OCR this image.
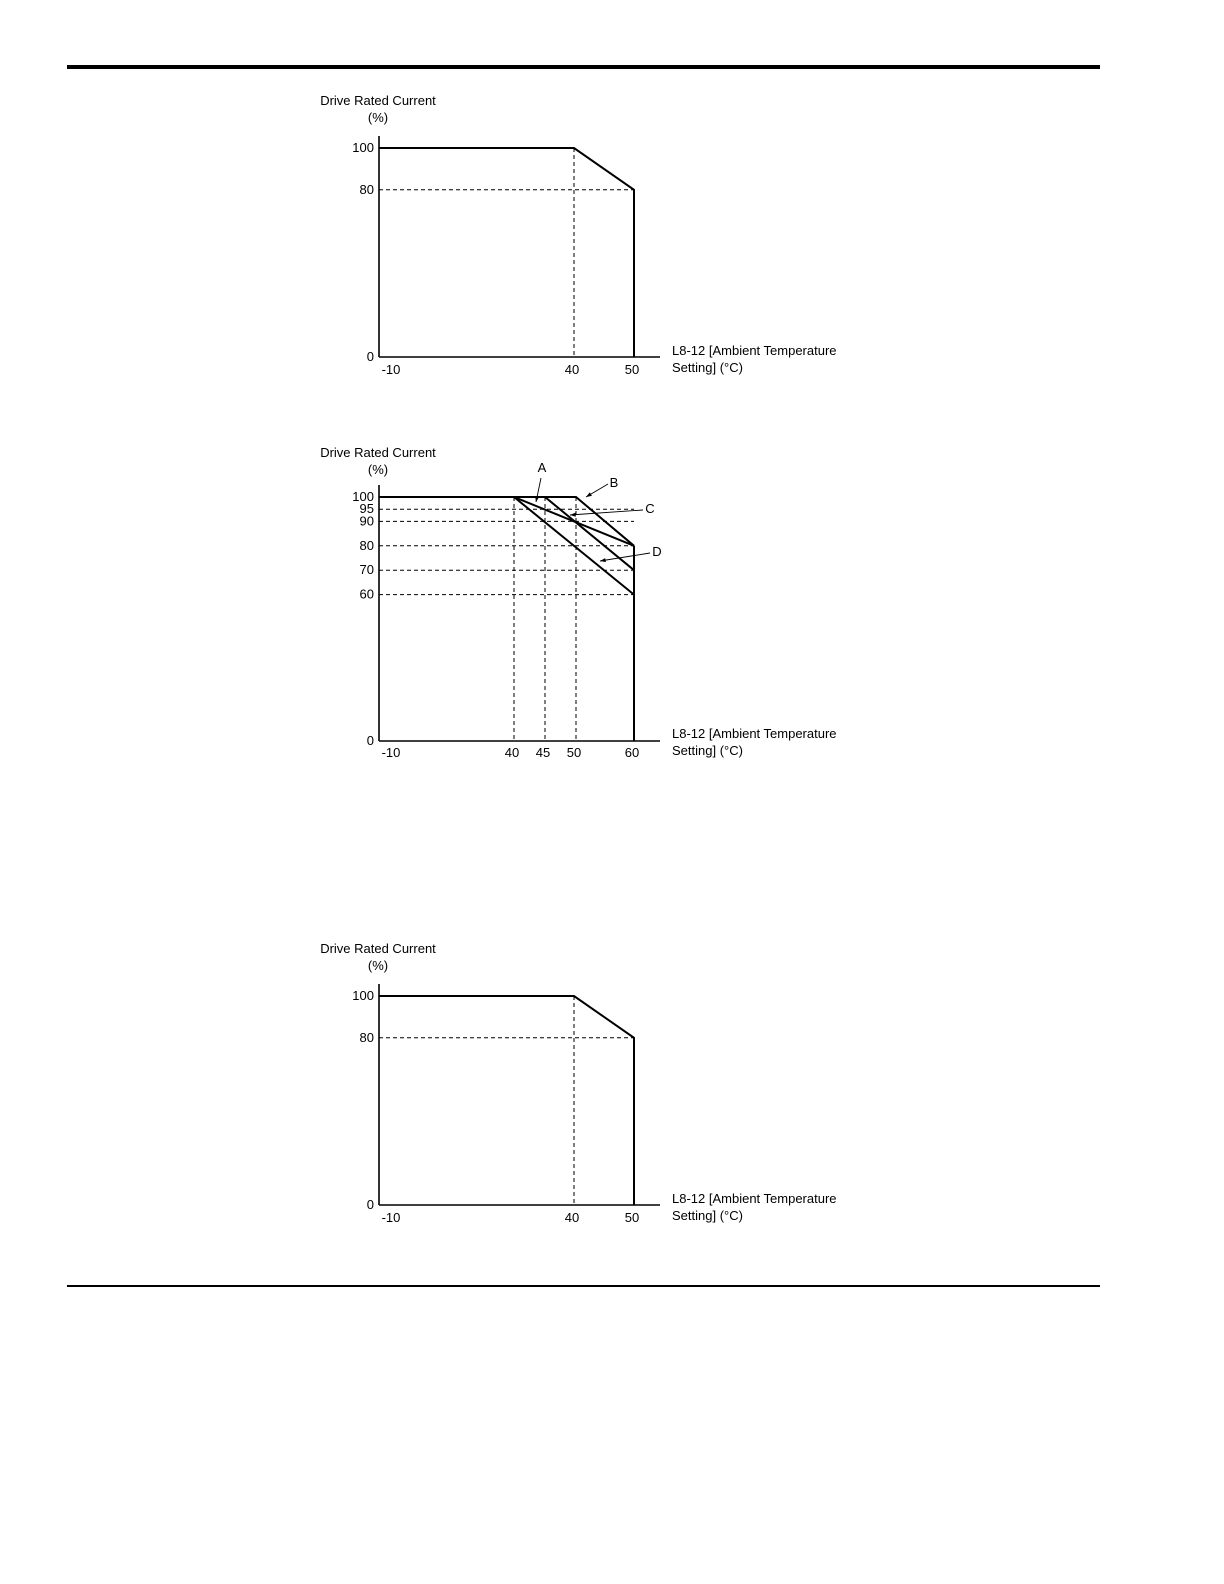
Drive Rated Current
(%)
L8-12 [Ambient Temperature
Setting] (°C)
100
80
0
-10	40	50
Drive Rated Current
(%)
L8-12 [Ambient Temperature
Setting] (°C)
100
95
90
80
70
60
0
-10	40 45 50	60
A
B
C
D
Drive Rated Current
(%)
L8-12 [Ambient Temperature
Setting] (°C)
100
80
0
-10	40	50
